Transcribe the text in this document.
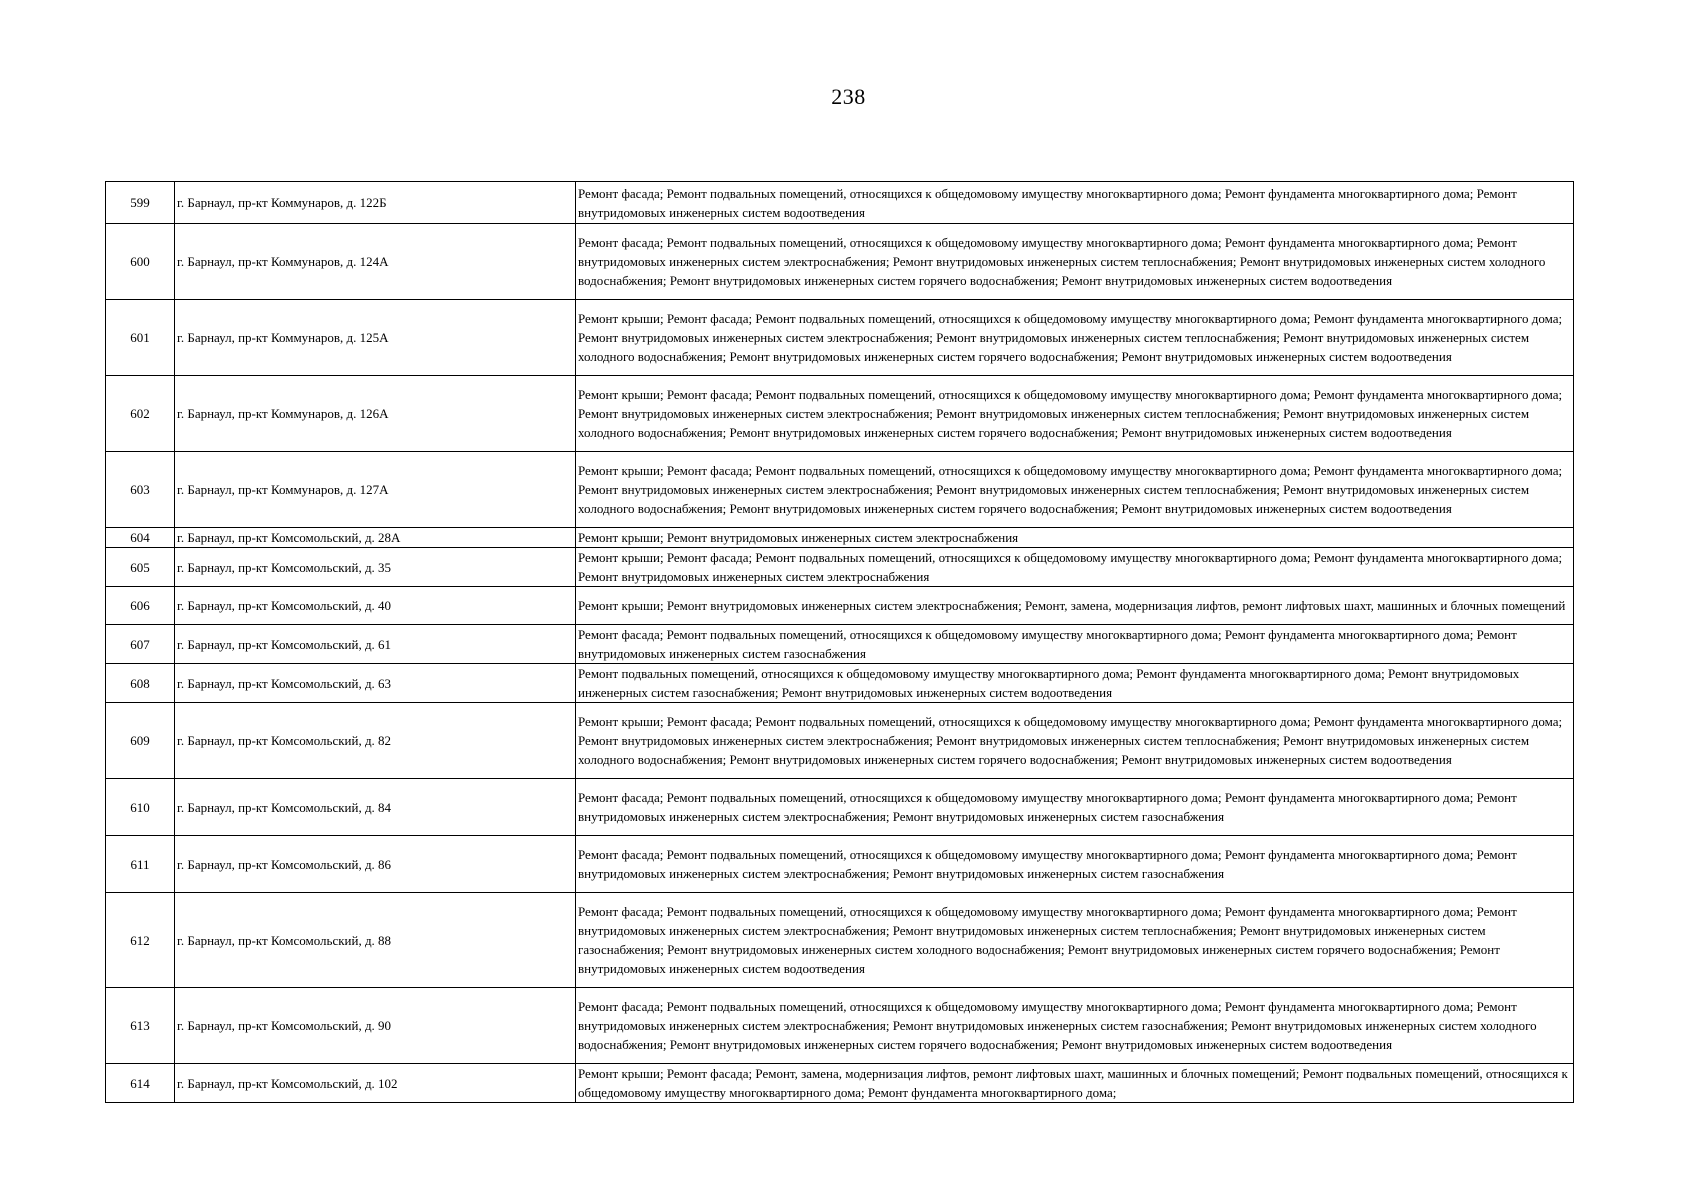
238
599	г. Барнаул, пр-кт Коммунаров, д. 122Б	Ремонт фасада; Ремонт подвальных помещений, относящихся к общедомовому имуществу многоквартирного дома; Ремонт фундамента многоквартирного дома; Ремонт внутридомовых инженерных систем водоотведения
600	г. Барнаул, пр-кт Коммунаров, д. 124А	Ремонт фасада; Ремонт подвальных помещений, относящихся к общедомовому имуществу многоквартирного дома; Ремонт фундамента многоквартирного дома; Ремонт внутридомовых инженерных систем электроснабжения; Ремонт внутридомовых инженерных систем теплоснабжения; Ремонт внутридомовых инженерных систем холодного водоснабжения; Ремонт внутридомовых инженерных систем горячего водоснабжения; Ремонт внутридомовых инженерных систем водоотведения
601	г. Барнаул, пр-кт Коммунаров, д. 125А	Ремонт крыши; Ремонт фасада; Ремонт подвальных помещений, относящихся к общедомовому имуществу многоквартирного дома; Ремонт фундамента многоквартирного дома; Ремонт внутридомовых инженерных систем электроснабжения; Ремонт внутридомовых инженерных систем теплоснабжения; Ремонт внутридомовых инженерных систем холодного водоснабжения; Ремонт внутридомовых инженерных систем горячего водоснабжения; Ремонт внутридомовых инженерных систем водоотведения
602	г. Барнаул, пр-кт Коммунаров, д. 126А	Ремонт крыши; Ремонт фасада; Ремонт подвальных помещений, относящихся к общедомовому имуществу многоквартирного дома; Ремонт фундамента многоквартирного дома; Ремонт внутридомовых инженерных систем электроснабжения; Ремонт внутридомовых инженерных систем теплоснабжения; Ремонт внутридомовых инженерных систем холодного водоснабжения; Ремонт внутридомовых инженерных систем горячего водоснабжения; Ремонт внутридомовых инженерных систем водоотведения
603	г. Барнаул, пр-кт Коммунаров, д. 127А	Ремонт крыши; Ремонт фасада; Ремонт подвальных помещений, относящихся к общедомовому имуществу многоквартирного дома; Ремонт фундамента многоквартирного дома; Ремонт внутридомовых инженерных систем электроснабжения; Ремонт внутридомовых инженерных систем теплоснабжения; Ремонт внутридомовых инженерных систем холодного водоснабжения; Ремонт внутридомовых инженерных систем горячего водоснабжения; Ремонт внутридомовых инженерных систем водоотведения
604	г. Барнаул, пр-кт Комсомольский, д. 28А	Ремонт крыши; Ремонт внутридомовых инженерных систем электроснабжения
605	г. Барнаул, пр-кт Комсомольский, д. 35	Ремонт крыши; Ремонт фасада; Ремонт подвальных помещений, относящихся к общедомовому имуществу многоквартирного дома; Ремонт фундамента многоквартирного дома; Ремонт внутридомовых инженерных систем электроснабжения
606	г. Барнаул, пр-кт Комсомольский, д. 40	Ремонт крыши; Ремонт внутридомовых инженерных систем электроснабжения; Ремонт, замена, модернизация лифтов, ремонт лифтовых шахт, машинных и блочных помещений
607	г. Барнаул, пр-кт Комсомольский, д. 61	Ремонт фасада; Ремонт подвальных помещений, относящихся к общедомовому имуществу многоквартирного дома; Ремонт фундамента многоквартирного дома; Ремонт внутридомовых инженерных систем газоснабжения
608	г. Барнаул, пр-кт Комсомольский, д. 63	Ремонт подвальных помещений, относящихся к общедомовому имуществу многоквартирного дома; Ремонт фундамента многоквартирного дома; Ремонт внутридомовых инженерных систем газоснабжения; Ремонт внутридомовых инженерных систем водоотведения
609	г. Барнаул, пр-кт Комсомольский, д. 82	Ремонт крыши; Ремонт фасада; Ремонт подвальных помещений, относящихся к общедомовому имуществу многоквартирного дома; Ремонт фундамента многоквартирного дома; Ремонт внутридомовых инженерных систем электроснабжения; Ремонт внутридомовых инженерных систем теплоснабжения; Ремонт внутридомовых инженерных систем холодного водоснабжения; Ремонт внутридомовых инженерных систем горячего водоснабжения; Ремонт внутридомовых инженерных систем водоотведения
610	г. Барнаул, пр-кт Комсомольский, д. 84	Ремонт фасада; Ремонт подвальных помещений, относящихся к общедомовому имуществу многоквартирного дома; Ремонт фундамента многоквартирного дома; Ремонт внутридомовых инженерных систем электроснабжения; Ремонт внутридомовых инженерных систем газоснабжения
611	г. Барнаул, пр-кт Комсомольский, д. 86	Ремонт фасада; Ремонт подвальных помещений, относящихся к общедомовому имуществу многоквартирного дома; Ремонт фундамента многоквартирного дома; Ремонт внутридомовых инженерных систем электроснабжения; Ремонт внутридомовых инженерных систем газоснабжения
612	г. Барнаул, пр-кт Комсомольский, д. 88	Ремонт фасада; Ремонт подвальных помещений, относящихся к общедомовому имуществу многоквартирного дома; Ремонт фундамента многоквартирного дома; Ремонт внутридомовых инженерных систем электроснабжения; Ремонт внутридомовых инженерных систем теплоснабжения; Ремонт внутридомовых инженерных систем газоснабжения; Ремонт внутридомовых инженерных систем холодного водоснабжения; Ремонт внутридомовых инженерных систем горячего водоснабжения; Ремонт внутридомовых инженерных систем водоотведения
613	г. Барнаул, пр-кт Комсомольский, д. 90	Ремонт фасада; Ремонт подвальных помещений, относящихся к общедомовому имуществу многоквартирного дома; Ремонт фундамента многоквартирного дома; Ремонт внутридомовых инженерных систем электроснабжения; Ремонт внутридомовых инженерных систем газоснабжения; Ремонт внутридомовых инженерных систем холодного водоснабжения; Ремонт внутридомовых инженерных систем горячего водоснабжения; Ремонт внутридомовых инженерных систем водоотведения
614	г. Барнаул, пр-кт Комсомольский, д. 102	Ремонт крыши; Ремонт фасада; Ремонт, замена, модернизация лифтов, ремонт лифтовых шахт, машинных и блочных помещений; Ремонт подвальных помещений, относящихся к общедомовому имуществу многоквартирного дома; Ремонт фундамента многоквартирного дома;
